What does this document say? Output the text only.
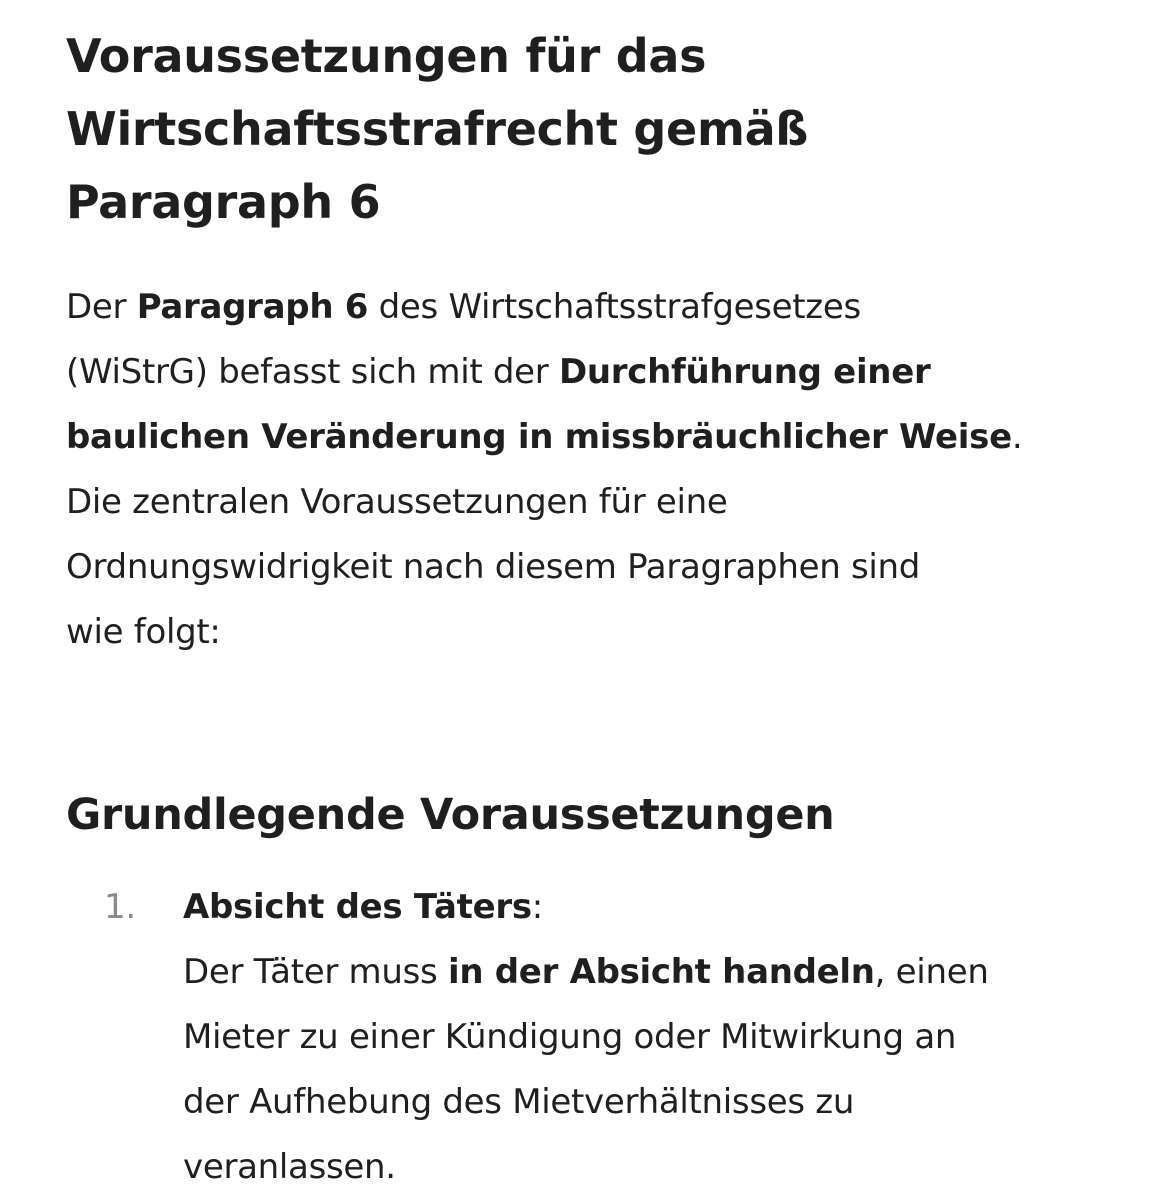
Voraussetzungen für das
Wirtschaftsstrafrecht gemäß
Paragraph 6

Der Paragraph 6 des Wirtschaftsstrafgesetzes
(WiStrG) befasst sich mit der Durchführung einer
baulichen Veränderung in missbräuchlicher Weise.
Die zentralen Voraussetzungen für eine
Ordnungswidrigkeit nach diesem Paragraphen sind
wie folgt:

Grundlegende Voraussetzungen
1. Absicht des Täters:
Der Täter muss in der Absicht handeln, einen
Mieter zu einer Kündigung oder Mitwirkung an
der Aufhebung des Mietverhältnisses zu
veranlassen.
